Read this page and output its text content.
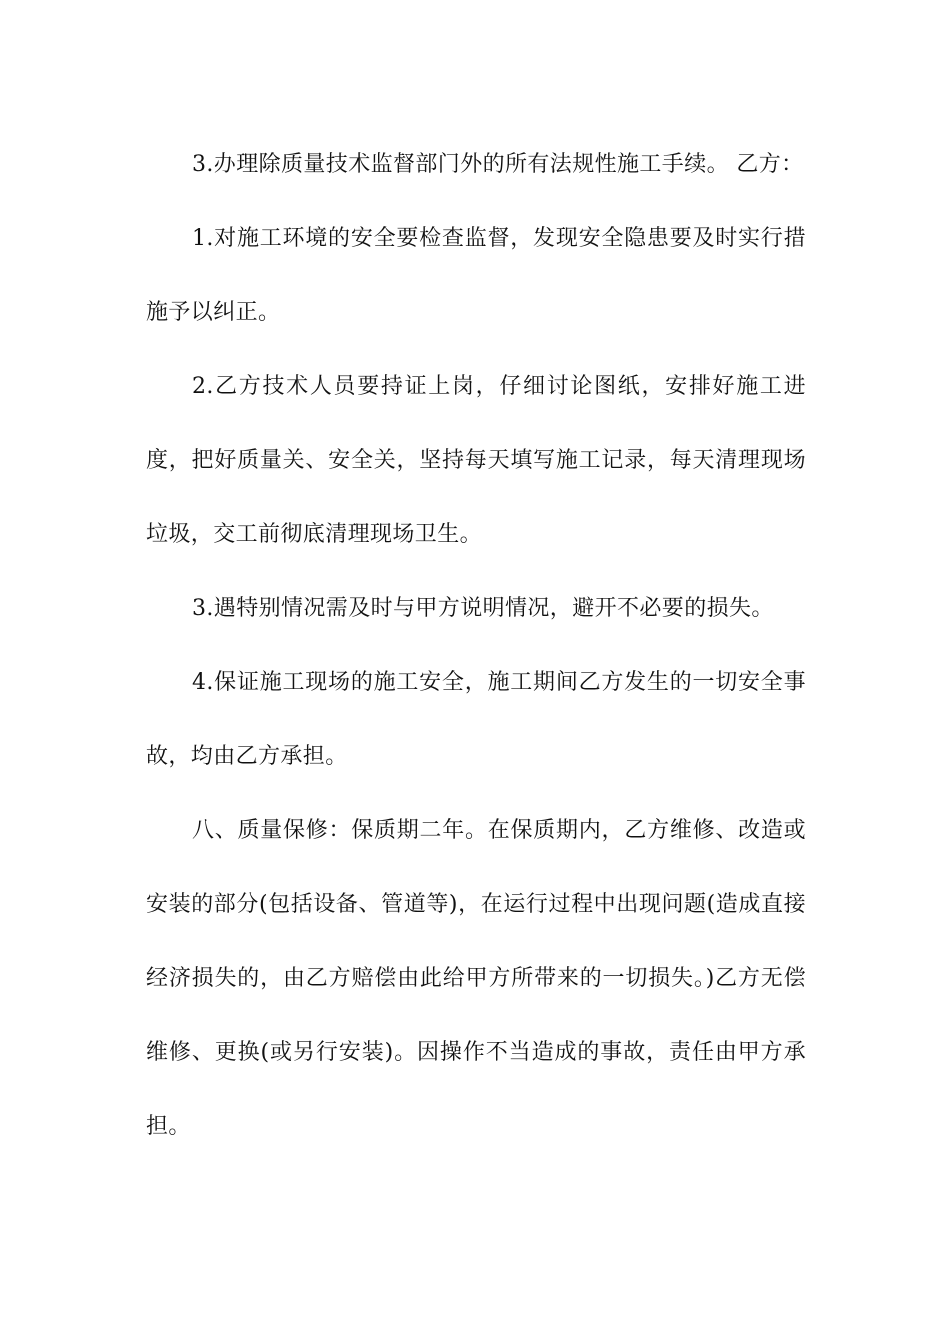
3.办理除质量技术监督部门外的所有法规性施工手续。 乙方：

1.对施工环境的安全要检查监督，发现安全隐患要及时实行措施予以纠正。

2.乙方技术人员要持证上岗，仔细讨论图纸，安排好施工进度，把好质量关、安全关，坚持每天填写施工记录，每天清理现场垃圾，交工前彻底清理现场卫生。

3.遇特别情况需及时与甲方说明情况，避开不必要的损失。

4.保证施工现场的施工安全，施工期间乙方发生的一切安全事故，均由乙方承担。

八、质量保修：保质期二年。在保质期内，乙方维修、改造或安装的部分(包括设备、管道等)，在运行过程中出现问题(造成直接经济损失的，由乙方赔偿由此给甲方所带来的一切损失。)乙方无偿维修、更换(或另行安装)。因操作不当造成的事故，责任由甲方承担。
